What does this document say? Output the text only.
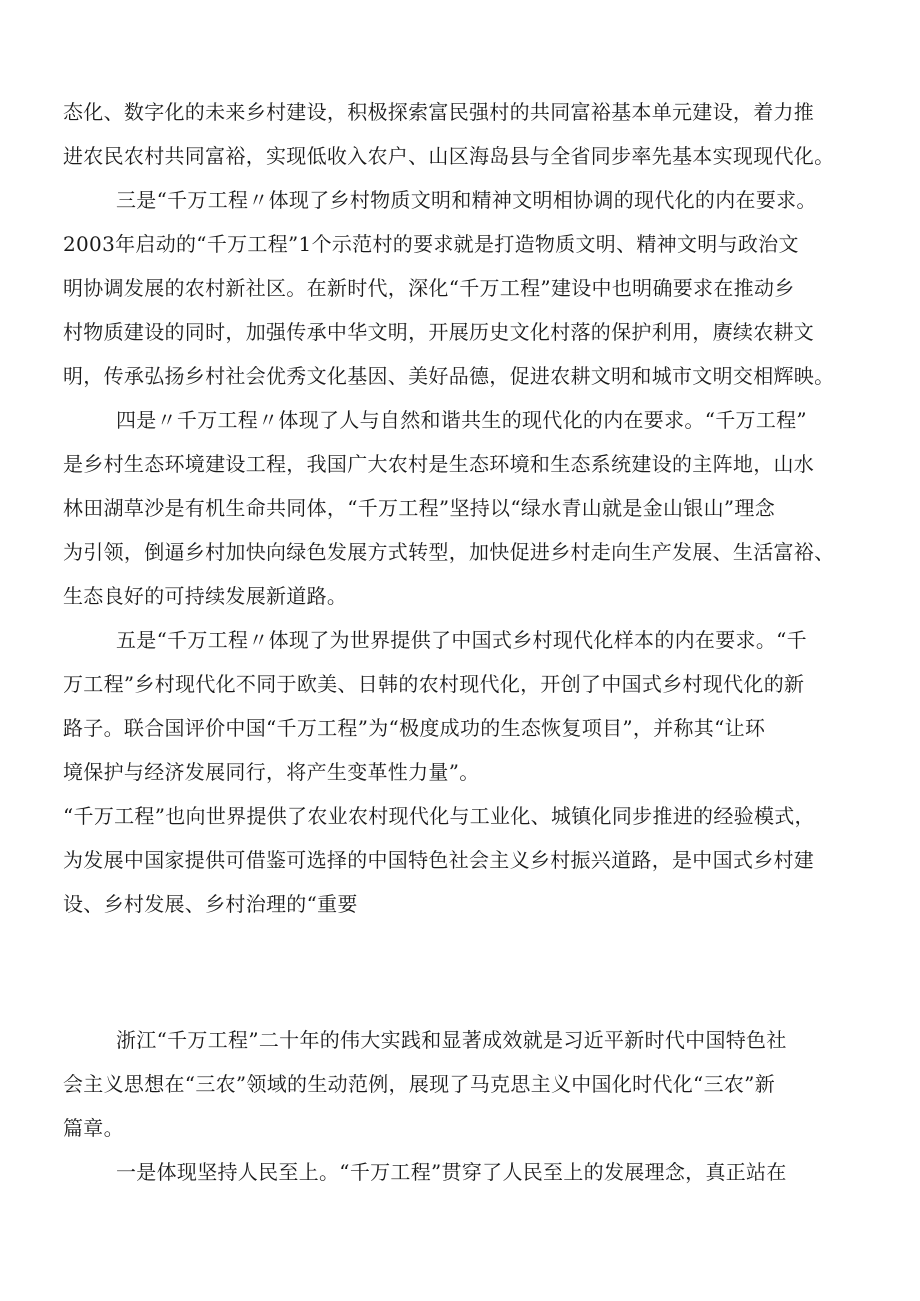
态化、数字化的未来乡村建设，积极探索富民强村的共同富裕基本单元建设，着力推
进农民农村共同富裕，实现低收入农户、山区海岛县与全省同步率先基本实现现代化。
三是“千万工程〃体现了乡村物质文明和精神文明相协调的现代化的内在要求。
2003年启动的“千万工程”1个示范村的要求就是打造物质文明、精神文明与政治文
明协调发展的农村新社区。在新时代，深化“千万工程”建设中也明确要求在推动乡
村物质建设的同时，加强传承中华文明，开展历史文化村落的保护利用，赓续农耕文
明，传承弘扬乡村社会优秀文化基因、美好品德，促进农耕文明和城市文明交相辉映。
四是〃千万工程〃体现了人与自然和谐共生的现代化的内在要求。“千万工程”
是乡村生态环境建设工程，我国广大农村是生态环境和生态系统建设的主阵地，山水
林田湖草沙是有机生命共同体，“千万工程”坚持以“绿水青山就是金山银山”理念
为引领，倒逼乡村加快向绿色发展方式转型，加快促进乡村走向生产发展、生活富裕、
生态良好的可持续发展新道路。
五是“千万工程〃体现了为世界提供了中国式乡村现代化样本的内在要求。“千
万工程”乡村现代化不同于欧美、日韩的农村现代化，开创了中国式乡村现代化的新
路子。联合国评价中国“千万工程”为“极度成功的生态恢复项目”，并称其“让环
境保护与经济发展同行，将产生变革性力量”。
“千万工程”也向世界提供了农业农村现代化与工业化、城镇化同步推进的经验模式，
为发展中国家提供可借鉴可选择的中国特色社会主义乡村振兴道路，是中国式乡村建
设、乡村发展、乡村治理的“重要
浙江“千万工程”二十年的伟大实践和显著成效就是习近平新时代中国特色社
会主义思想在“三农”领域的生动范例，展现了马克思主义中国化时代化“三农”新
篇章。
一是体现坚持人民至上。“千万工程”贯穿了人民至上的发展理念，真正站在
